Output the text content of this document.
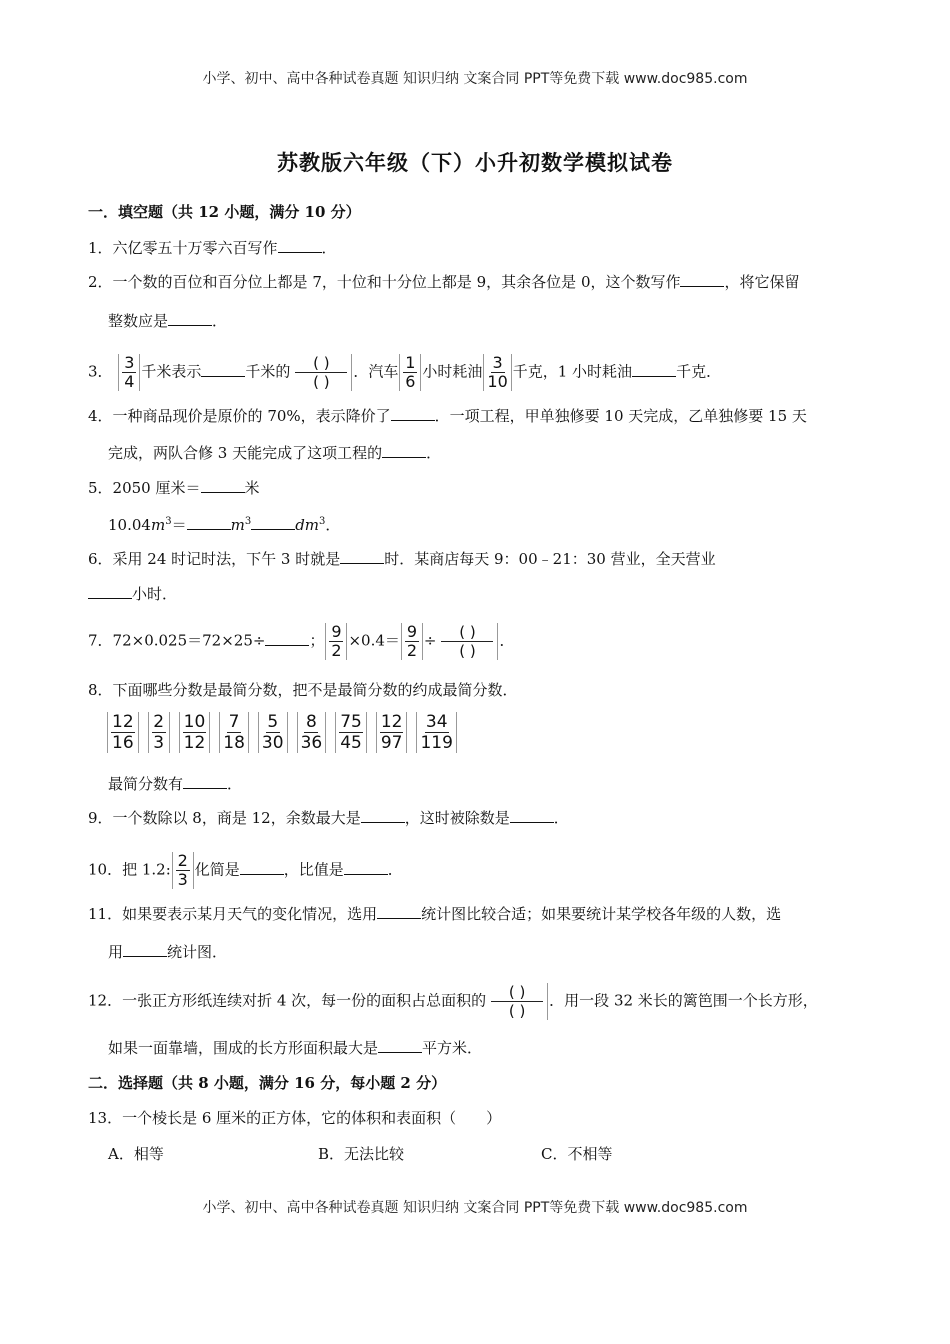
小学、初中、高中各种试卷真题 知识归纳 文案合同 PPT等免费下载 www.doc985.com
苏教版六年级（下）小升初数学模拟试卷
一．填空题（共 12 小题，满分 10 分）
1．六亿零五十万零六百写作	．
2．一个数的百位和百分位上都是 7，十位和十分位上都是 9，其余各位是 0，这个数写作	，将它保留
整数应是	．
3． $\frac{3}{4}$ 千米表示	千米的 $\frac{( )}{( )}$ ．汽车 $\frac{1}{6}$ 小时耗油 $\frac{3}{10}$ 千克，1 小时耗油	千克．
4．一种商品现价是原价的 70%，表示降价了	．一项工程，甲单独修要 10 天完成，乙单独修要 15 天
完成，两队合修 3 天能完成了这项工程的	．
5．2050 厘米＝	米
$10.04m^3=$	$m^3$	$dm^3$．
6．采用 24 时记时法，下午 3 时就是	时．某商店每天 9：00﹣21：30 营业，全天营业
小时．
7．72×0.025＝72×25÷	； $\frac{9}{2} \times 0.4= \frac{9}{2} \div \frac{( )}{( )}$ ．
8．下面哪些分数是最简分数，把不是最简分数的约成最简分数．
$\frac{12}{16} \frac{2}{3} \frac{10}{12} \frac{7}{18} \frac{5}{30} \frac{8}{36} \frac{75}{45} \frac{12}{97} \frac{34}{119}$
最简分数有	．
9．一个数除以 8，商是 12，余数最大是	，这时被除数是	．
10．把 1.2: $\frac{2}{3}$ 化简是	，比值是	．
11．如果要表示某月天气的变化情况，选用	统计图比较合适；如果要统计某学校各年级的人数，选
用	统计图．
12．一张正方形纸连续对折 4 次，每一份的面积占总面积的 $\frac{( )}{( )}$ ．用一段 32 米长的篱笆围一个长方形，
如果一面靠墙，围成的长方形面积最大是	平方米．
二．选择题（共 8 小题，满分 16 分，每小题 2 分）
13．一个棱长是 6 厘米的正方体，它的体积和表面积（　　）
A．相等	B．无法比较	C．不相等
小学、初中、高中各种试卷真题 知识归纳 文案合同 PPT等免费下载 www.doc985.com
